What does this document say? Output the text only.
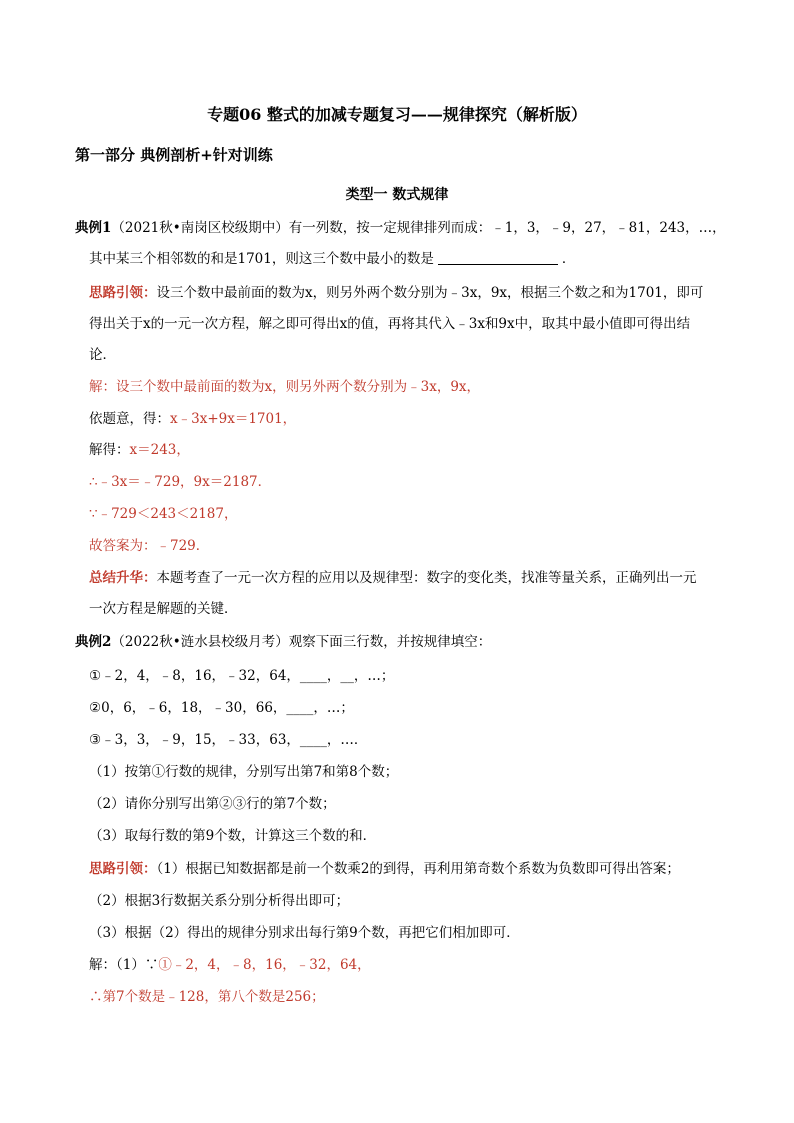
专题06 整式的加减专题复习——规律探究（解析版）
第一部分 典例剖析+针对训练
类型一 数式规律
典例1（2021秋•南岗区校级期中）有一列数，按一定规律排列而成：﹣1，3，﹣9，27，﹣81，243，…，
其中某三个相邻数的和是1701，则这三个数中最小的数是	．
思路引领：设三个数中最前面的数为x，则另外两个数分别为﹣3x，9x，根据三个数之和为1701，即可
得出关于x的一元一次方程，解之即可得出x的值，再将其代入﹣3x和9x中，取其中最小值即可得出结
论．
解：设三个数中最前面的数为x，则另外两个数分别为﹣3x，9x，
依题意，得：x﹣3x+9x＝1701，
解得：x＝243，
∴﹣3x＝﹣729，9x＝2187．
∵﹣729＜243＜2187，
故答案为：﹣729．
总结升华：本题考查了一元一次方程的应用以及规律型：数字的变化类，找准等量关系，正确列出一元
一次方程是解题的关键．
典例2（2022秋•涟水县校级月考）观察下面三行数，并按规律填空：
①﹣2，4，﹣8，16，﹣32，64，____，__，…；
②0，6，﹣6，18，﹣30，66，____，…；
③﹣3，3，﹣9，15，﹣33，63，____，…．
（1）按第①行数的规律，分别写出第7和第8个数；
（2）请你分别写出第②③行的第7个数；
（3）取每行数的第9个数，计算这三个数的和．
思路引领：（1）根据已知数据都是前一个数乘2的到得，再利用第奇数个系数为负数即可得出答案；
（2）根据3行数据关系分别分析得出即可；
（3）根据（2）得出的规律分别求出每行第9个数，再把它们相加即可．
解：（1）∵①﹣2，4，﹣8，16，﹣32，64，
∴第7个数是﹣128，第八个数是256；
